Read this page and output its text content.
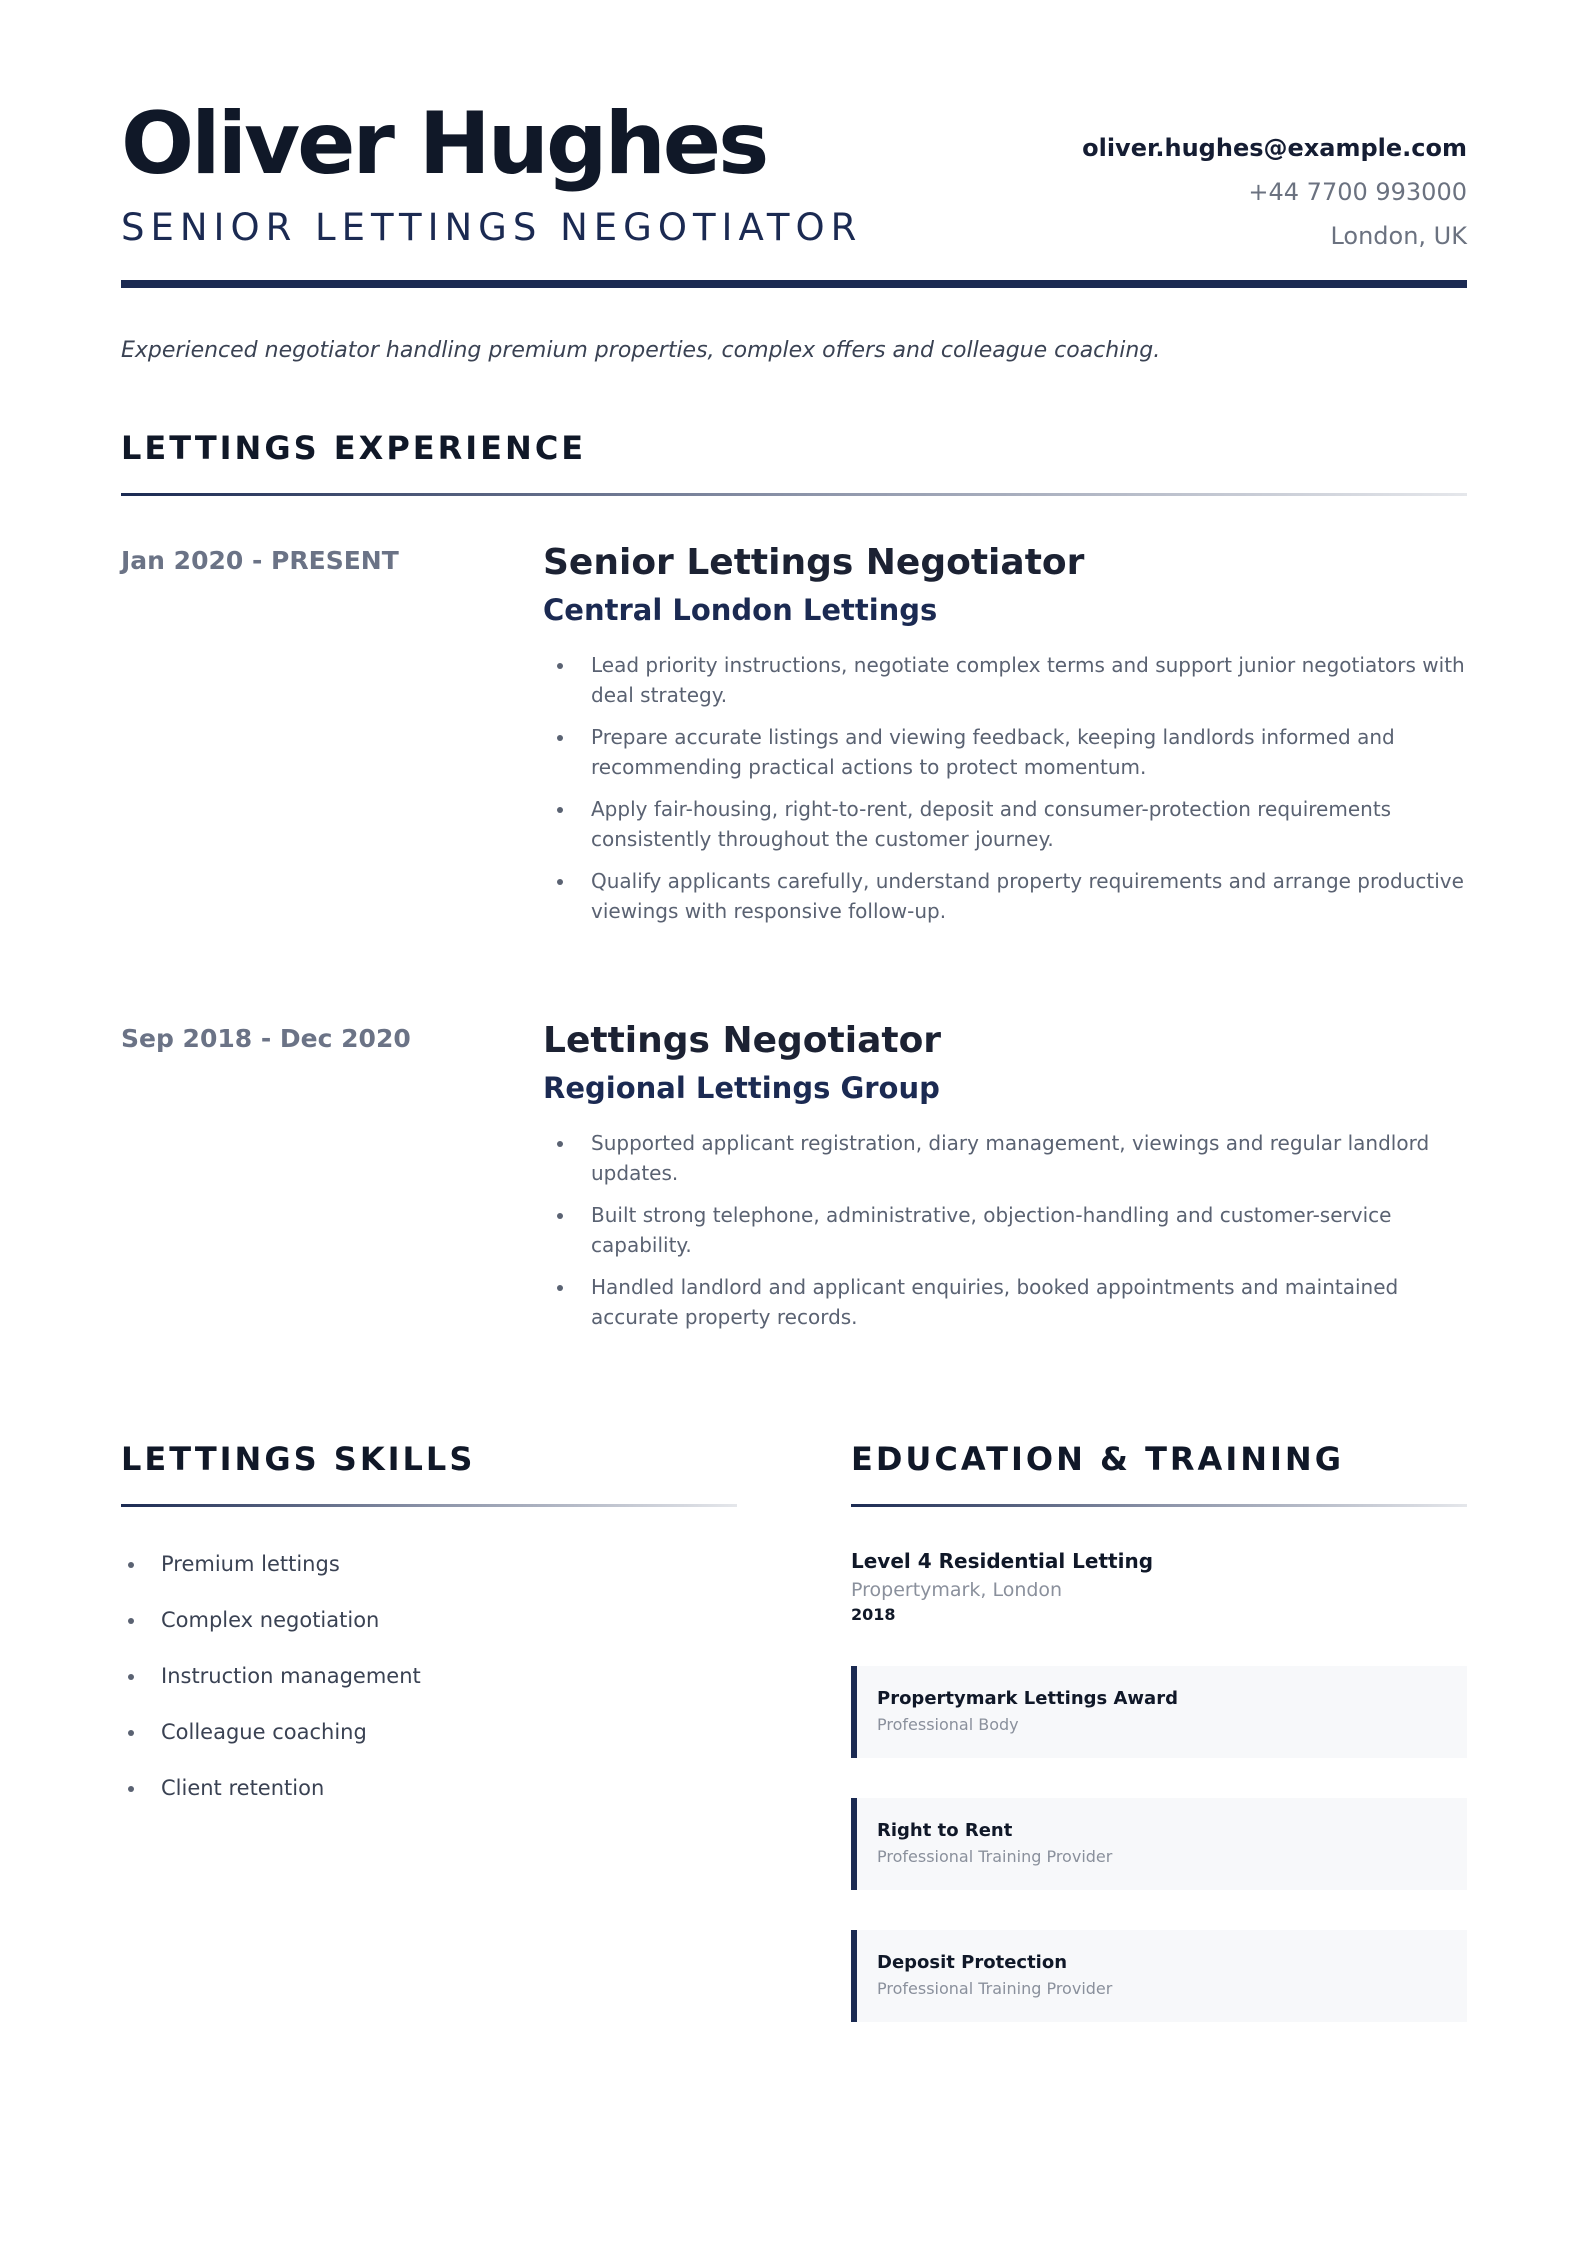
Oliver Hughes
SENIOR LETTINGS NEGOTIATOR
oliver.hughes@example.com
+44 7700 993000
London, UK

Experienced negotiator handling premium properties, complex offers and colleague coaching.

LETTINGS EXPERIENCE
Jan 2020 - PRESENT	Senior Lettings Negotiator
Central London Lettings
Lead priority instructions, negotiate complex terms and support junior negotiators with deal strategy.
Prepare accurate listings and viewing feedback, keeping landlords informed and recommending practical actions to protect momentum.
Apply fair-housing, right-to-rent, deposit and consumer-protection requirements consistently throughout the customer journey.
Qualify applicants carefully, understand property requirements and arrange productive viewings with responsive follow-up.
Sep 2018 - Dec 2020	Lettings Negotiator
Regional Lettings Group
Supported applicant registration, diary management, viewings and regular landlord updates.
Built strong telephone, administrative, objection-handling and customer-service capability.
Handled landlord and applicant enquiries, booked appointments and maintained accurate property records.
LETTINGS SKILLS
Premium lettings
Complex negotiation
Instruction management
Colleague coaching
Client retention
EDUCATION & TRAINING
Level 4 Residential Letting
Propertymark, London
2018
Propertymark Lettings Award
Professional Body
Right to Rent
Professional Training Provider
Deposit Protection
Professional Training Provider
